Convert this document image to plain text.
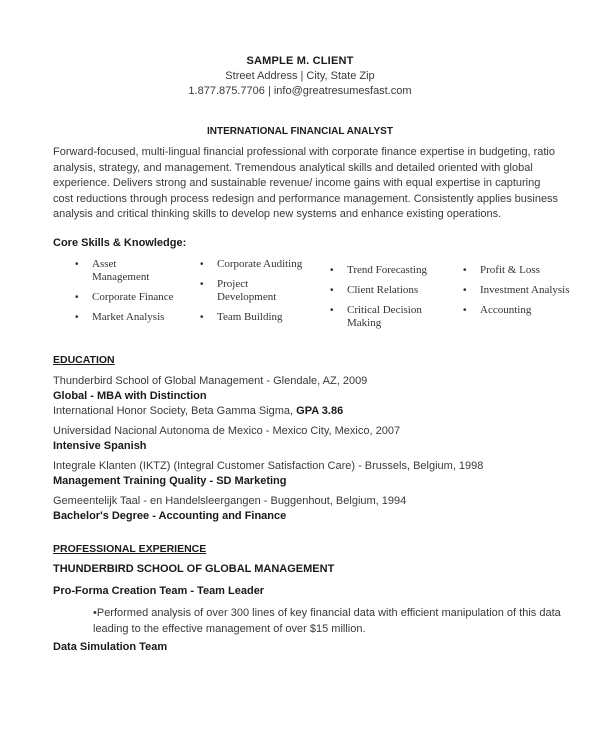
SAMPLE M. CLIENT
Street Address | City, State Zip
1.877.875.7706 | info@greatresumesfast.com
INTERNATIONAL FINANCIAL ANALYST
Forward-focused, multi-lingual financial professional with corporate finance expertise in budgeting, ratio analysis, strategy, and management. Tremendous analytical skills and detailed oriented with global experience. Delivers strong and sustainable revenue/ income gains with equal expertise in capturing cost reductions through process redesign and performance management. Consistently applies business analysis and critical thinking skills to develop new systems and enhance existing operations.
Core Skills & Knowledge:
• Asset Management
• Corporate Finance
• Market Analysis
• Corporate Auditing
• Project Development
• Team Building
• Trend Forecasting
• Client Relations
• Critical Decision Making
• Profit & Loss
• Investment Analysis
• Accounting
EDUCATION
Thunderbird School of Global Management - Glendale, AZ, 2009
Global - MBA with Distinction
International Honor Society, Beta Gamma Sigma, GPA 3.86
Universidad Nacional Autonoma de Mexico - Mexico City, Mexico, 2007
Intensive Spanish
Integrale Klanten (IKTZ) (Integral Customer Satisfaction Care) - Brussels, Belgium, 1998
Management Training Quality - SD Marketing
Gemeentelijk Taal - en Handelsleergangen - Buggenhout, Belgium, 1994
Bachelor's Degree - Accounting and Finance
PROFESSIONAL EXPERIENCE
THUNDERBIRD SCHOOL OF GLOBAL MANAGEMENT
Pro-Forma Creation Team - Team Leader
•Performed analysis of over 300 lines of key financial data with efficient manipulation of this data leading to the effective management of over $15 million.
Data Simulation Team
